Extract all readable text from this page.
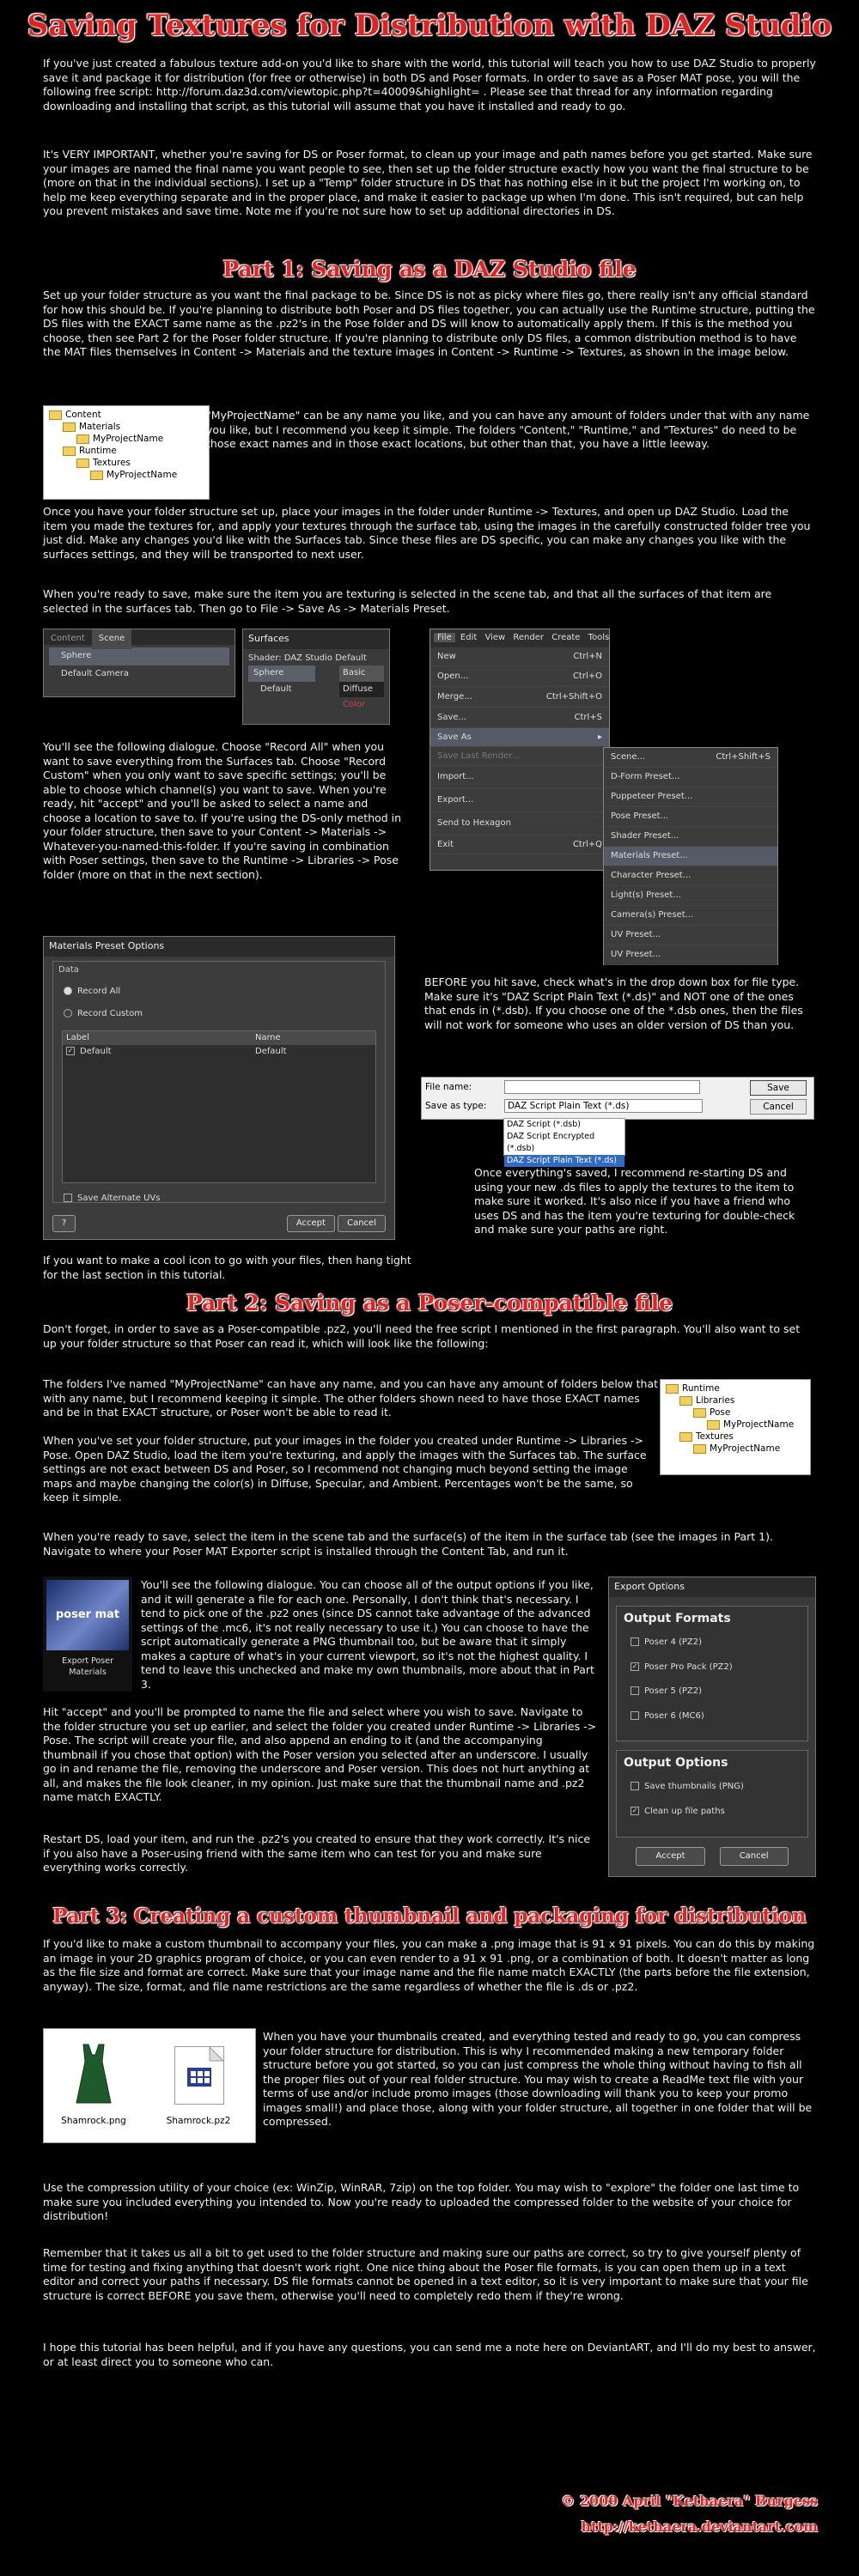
Saving Textures for Distribution with DAZ Studio

If you've just created a fabulous texture add-on you'd like to share with the world, this tutorial will teach you how to use DAZ Studio to properly save it and package it for distribution (for free or otherwise) in both DS and Poser formats. In order to save as a Poser MAT pose, you will the following free script: http://forum.daz3d.com/viewtopic.php?t=40009&highlight= . Please see that thread for any information regarding downloading and installing that script, as this tutorial will assume that you have it installed and ready to go.

It's VERY IMPORTANT, whether you're saving for DS or Poser format, to clean up your image and path names before you get started. Make sure your images are named the final name you want people to see, then set up the folder structure exactly how you want the final structure to be (more on that in the individual sections). I set up a "Temp" folder structure in DS that has nothing else in it but the project I'm working on, to help me keep everything separate and in the proper place, and make it easier to package up when I'm done. This isn't required, but can help you prevent mistakes and save time. Note me if you're not sure how to set up additional directories in DS.

Part 1: Saving as a DAZ Studio file

Set up your folder structure as you want the final package to be. Since DS is not as picky where files go, there really isn't any official standard for how this should be. If you're planning to distribute both Poser and DS files together, you can actually use the Runtime structure, putting the DS files with the EXACT same name as the .pz2's in the Pose folder and DS will know to automatically apply them. If this is the method you choose, then see Part 2 for the Poser folder structure. If you're planning to distribute only DS files, a common distribution method is to have the MAT files themselves in Content -> Materials and the texture images in Content -> Runtime -> Textures, as shown in the image below.

Content
Materials
MyProjectName
Runtime
Textures
MyProjectName

"MyProjectName" can be any name you like, and you can have any amount of folders under that with any name you like, but I recommend you keep it simple. The folders "Content," "Runtime," and "Textures" do need to be those exact names and in those exact locations, but other than that, you have a little leeway.

Once you have your folder structure set up, place your images in the folder under Runtime -> Textures, and open up DAZ Studio. Load the item you made the textures for, and apply your textures through the surface tab, using the images in the carefully constructed folder tree you just did. Make any changes you'd like with the Surfaces tab. Since these files are DS specific, you can make any changes you like with the surfaces settings, and they will be transported to next user.

When you're ready to save, make sure the item you are texturing is selected in the scene tab, and that all the surfaces of that item are selected in the surfaces tab. Then go to File -> Save As -> Materials Preset.

Content Scene
Sphere
Default Camera
Surfaces
Shader: DAZ Studio Default
Sphere
Default
Basic
Diffuse
Color
File Edit View Render Create Tools
New	Ctrl+N
Open...	Ctrl+O
Merge...	Ctrl+Shift+O
Save...	Ctrl+S
Save As	▸
Save Last Render...
Import...
Export...
Send to Hexagon
Exit	Ctrl+Q
Scene...	Ctrl+Shift+S
D-Form Preset...
Puppeteer Preset...
Pose Preset...
Shader Preset...
Materials Preset...
Character Preset...
Light(s) Preset...
Camera(s) Preset...
UV Preset...
UV Preset...

You'll see the following dialogue. Choose "Record All" when you want to save everything from the Surfaces tab. Choose "Record Custom" when you only want to save specific settings; you'll be able to choose which channel(s) you want to save. When you're ready, hit "accept" and you'll be asked to select a name and choose a location to save to. If you're using the DS-only method in your folder structure, then save to your Content -> Materials -> Whatever-you-named-this-folder. If you're saving in combination with Poser settings, then save to the Runtime -> Libraries -> Pose folder (more on that in the next section).

Materials Preset Options
Data
Record All
Record Custom
Label	Name
✓ Default	Default
Save Alternate UVs
?	Accept	Cancel

BEFORE you hit save, check what's in the drop down box for file type. Make sure it's "DAZ Script Plain Text (*.ds)" and NOT one of the ones that ends in (*.dsb). If you choose one of the *.dsb ones, then the files will not work for someone who uses an older version of DS than you.

File name:
Save as type:	DAZ Script Plain Text (*.ds)
Save
Cancel
DAZ Script (*.dsb)
DAZ Script Encrypted (*.dsb)
DAZ Script Plain Text (*.ds)

Once everything's saved, I recommend re-starting DS and using your new .ds files to apply the textures to the item to make sure it worked. It's also nice if you have a friend who uses DS and has the item you're texturing for double-check and make sure your paths are right.

If you want to make a cool icon to go with your files, then hang tight for the last section in this tutorial.

Part 2: Saving as a Poser-compatible file

Don't forget, in order to save as a Poser-compatible .pz2, you'll need the free script I mentioned in the first paragraph. You'll also want to set up your folder structure so that Poser can read it, which will look like the following:

The folders I've named "MyProjectName" can have any name, and you can have any amount of folders below that with any name, but I recommend keeping it simple. The other folders shown need to have those EXACT names and be in that EXACT structure, or Poser won't be able to read it.

Runtime
Libraries
Pose
MyProjectName
Textures
MyProjectName

When you've set your folder structure, put your images in the folder you created under Runtime -> Libraries -> Pose. Open DAZ Studio, load the item you're texturing, and apply the images with the Surfaces tab. The surface settings are not exact between DS and Poser, so I recommend not changing much beyond setting the image maps and maybe changing the color(s) in Diffuse, Specular, and Ambient. Percentages won't be the same, so keep it simple.

When you're ready to save, select the item in the scene tab and the surface(s) of the item in the surface tab (see the images in Part 1). Navigate to where your Poser MAT Exporter script is installed through the Content Tab, and run it.

poser mat
Export Poser Materials

You'll see the following dialogue. You can choose all of the output options if you like, and it will generate a file for each one. Personally, I don't think that's necessary. I tend to pick one of the .pz2 ones (since DS cannot take advantage of the advanced settings of the .mc6, it's not really necessary to use it.) You can choose to have the script automatically generate a PNG thumbnail too, but be aware that it simply makes a capture of what's in your current viewport, so it's not the highest quality. I tend to leave this unchecked and make my own thumbnails, more about that in Part 3.

Hit "accept" and you'll be prompted to name the file and select where you wish to save. Navigate to the folder structure you set up earlier, and select the folder you created under Runtime -> Libraries -> Pose. The script will create your file, and also append an ending to it (and the accompanying thumbnail if you chose that option) with the Poser version you selected after an underscore. I usually go in and rename the file, removing the underscore and Poser version. This does not hurt anything at all, and makes the file look cleaner, in my opinion. Just make sure that the thumbnail name and .pz2 name match EXACTLY.

Restart DS, load your item, and run the .pz2's you created to ensure that they work correctly. It's nice if you also have a Poser-using friend with the same item who can test for you and make sure everything works correctly.

Export Options
Output Formats
Poser 4 (PZ2)
✓ Poser Pro Pack (PZ2)
Poser 5 (PZ2)
Poser 6 (MC6)
Output Options
Save thumbnails (PNG)
✓ Clean up file paths
Accept	Cancel
Part 3: Creating a custom thumbnail and packaging for distribution

If you'd like to make a custom thumbnail to accompany your files, you can make a .png image that is 91 x 91 pixels. You can do this by making an image in your 2D graphics program of choice, or you can even render to a 91 x 91 .png, or a combination of both. It doesn't matter as long as the file size and format are correct. Make sure that your image name and the file name match EXACTLY (the parts before the file extension, anyway). The size, format, and file name restrictions are the same regardless of whether the file is .ds or .pz2.

Shamrock.png	Shamrock.pz2

When you have your thumbnails created, and everything tested and ready to go, you can compress your folder structure for distribution. This is why I recommended making a new temporary folder structure before you got started, so you can just compress the whole thing without having to fish all the proper files out of your real folder structure. You may wish to create a ReadMe text file with your terms of use and/or include promo images (those downloading will thank you to keep your promo images small!) and place those, along with your folder structure, all together in one folder that will be compressed.

Use the compression utility of your choice (ex: WinZip, WinRAR, 7zip) on the top folder. You may wish to "explore" the folder one last time to make sure you included everything you intended to. Now you're ready to uploaded the compressed folder to the website of your choice for distribution!

Remember that it takes us all a bit to get used to the folder structure and making sure our paths are correct, so try to give yourself plenty of time for testing and fixing anything that doesn't work right. One nice thing about the Poser file formats, is you can open them up in a text editor and correct your paths if necessary. DS file formats cannot be opened in a text editor, so it is very important to make sure that your file structure is correct BEFORE you save them, otherwise you'll need to completely redo them if they're wrong.

I hope this tutorial has been helpful, and if you have any questions, you can send me a note here on DeviantART, and I'll do my best to answer, or at least direct you to someone who can.

© 2009 April "Kethaera" Burgess
http://kethaera.deviantart.com
